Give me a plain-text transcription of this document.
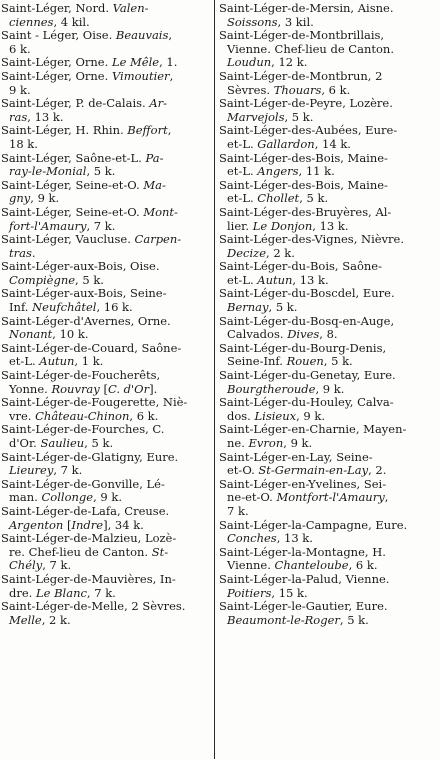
Saint-Léger, Nord. Valen-
ciennes, 4 kil.
Saint - Léger, Oise. Beauvais,
6 k.
Saint-Léger, Orne. Le Mêle, 1.
Saint-Léger, Orne. Vimoutier,
9 k.
Saint-Léger, P. de-Calais. Ar-
ras, 13 k.
Saint-Léger, H. Rhin. Beffort,
18 k.
Saint-Léger, Saône-et-L. Pa-
ray-le-Monial, 5 k.
Saint-Léger, Seine-et-O. Ma-
gny, 9 k.
Saint-Léger, Seine-et-O. Mont-
fort-l'Amaury, 7 k.
Saint-Léger, Vaucluse. Carpen-
tras.
Saint-Léger-aux-Bois, Oise.
Compiègne, 5 k.
Saint-Léger-aux-Bois, Seine-
Inf. Neufchâtel, 16 k.
Saint-Léger-d'Avernes, Orne.
Nonant, 10 k.
Saint-Léger-de-Couard, Saône-
et-L. Autun, 1 k.
Saint-Léger-de-Foucherêts,
Yonne. Rouvray [C. d'Or].
Saint-Léger-de-Fougerette, Niè-
vre. Château-Chinon, 6 k.
Saint-Léger-de-Fourches, C.
d'Or. Saulieu, 5 k.
Saint-Léger-de-Glatigny, Eure.
Lieurey, 7 k.
Saint-Léger-de-Gonville, Lé-
man. Collonge, 9 k.
Saint-Léger-de-Lafa, Creuse.
Argenton [Indre], 34 k.
Saint-Léger-de-Malzieu, Lozè-
re. Chef-lieu de Canton. St-
Chély, 7 k.
Saint-Léger-de-Mauvières, In-
dre. Le Blanc, 7 k.
Saint-Léger-de-Melle, 2 Sèvres.
Melle, 2 k.
Saint-Léger-de-Mersin, Aisne.
Soissons, 3 kil.
Saint-Léger-de-Montbrillais,
Vienne. Chef-lieu de Canton.
Loudun, 12 k.
Saint-Léger-de-Montbrun, 2
Sèvres. Thouars, 6 k.
Saint-Léger-de-Peyre, Lozère.
Marvejols, 5 k.
Saint-Léger-des-Aubées, Eure-
et-L. Gallardon, 14 k.
Saint-Léger-des-Bois, Maine-
et-L. Angers, 11 k.
Saint-Léger-des-Bois, Maine-
et-L. Chollet, 5 k.
Saint-Léger-des-Bruyères, Al-
lier. Le Donjon, 13 k.
Saint-Léger-des-Vignes, Nièvre.
Decize, 2 k.
Saint-Léger-du-Bois, Saône-
et-L. Autun, 13 k.
Saint-Léger-du-Boscdel, Eure.
Bernay, 5 k.
Saint-Léger-du-Bosq-en-Auge,
Calvados. Dives, 8.
Saint-Léger-du-Bourg-Denis,
Seine-Inf. Rouen, 5 k.
Saint-Léger-du-Genetay, Eure.
Bourgtheroude, 9 k.
Saint-Léger-du-Houley, Calva-
dos. Lisieux, 9 k.
Saint-Léger-en-Charnie, Mayen-
ne. Evron, 9 k.
Saint-Léger-en-Lay, Seine-
et-O. St-Germain-en-Lay, 2.
Saint-Léger-en-Yvelines, Sei-
ne-et-O. Montfort-l'Amaury,
7 k.
Saint-Léger-la-Campagne, Eure.
Conches, 13 k.
Saint-Léger-la-Montagne, H.
Vienne. Chanteloube, 6 k.
Saint-Léger-la-Palud, Vienne.
Poitiers, 15 k.
Saint-Léger-le-Gautier, Eure.
Beaumont-le-Roger, 5 k.
